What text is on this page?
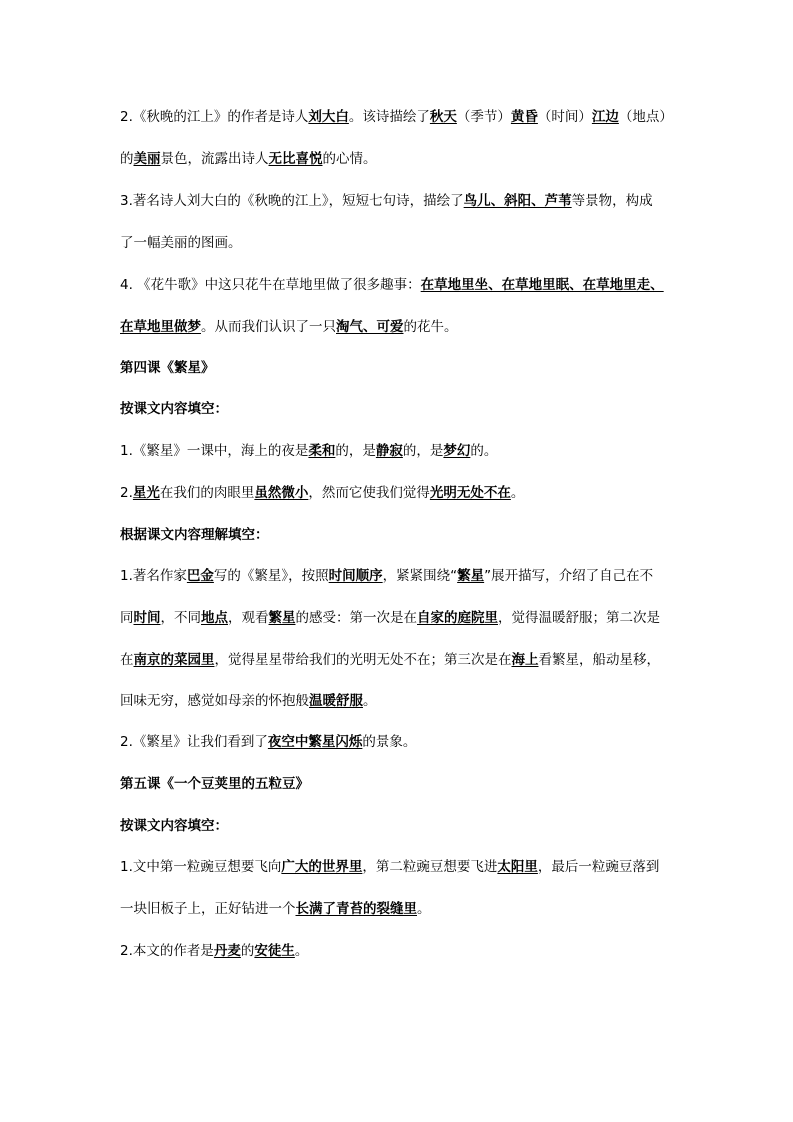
2.《秋晚的江上》的作者是诗人刘大白。该诗描绘了秋天（季节）黄昏（时间）江边（地点）
的美丽景色，流露出诗人无比喜悦的心情。
3.著名诗人刘大白的《秋晚的江上》，短短七句诗，描绘了鸟儿、斜阳、芦苇等景物，构成
了一幅美丽的图画。
4. 《花牛歌》中这只花牛在草地里做了很多趣事：在草地里坐、在草地里眠、在草地里走、
在草地里做梦。从而我们认识了一只淘气、可爱的花牛。
第四课《繁星》
按课文内容填空：
1.《繁星》一课中，海上的夜是柔和的，是静寂的，是梦幻的。
2.星光在我们的肉眼里虽然微小，然而它使我们觉得光明无处不在。
根据课文内容理解填空：
1.著名作家巴金写的《繁星》，按照时间顺序，紧紧围绕“繁星”展开描写，介绍了自己在不
同时间，不同地点，观看繁星的感受：第一次是在自家的庭院里，觉得温暖舒服；第二次是
在南京的菜园里，觉得星星带给我们的光明无处不在；第三次是在海上看繁星，船动星移，
回味无穷，感觉如母亲的怀抱般温暖舒服。
2.《繁星》让我们看到了夜空中繁星闪烁的景象。
第五课《一个豆荚里的五粒豆》
按课文内容填空：
1.文中第一粒豌豆想要飞向广大的世界里，第二粒豌豆想要飞进太阳里，最后一粒豌豆落到
一块旧板子上，正好钻进一个长满了青苔的裂缝里。
2.本文的作者是丹麦的安徒生。
